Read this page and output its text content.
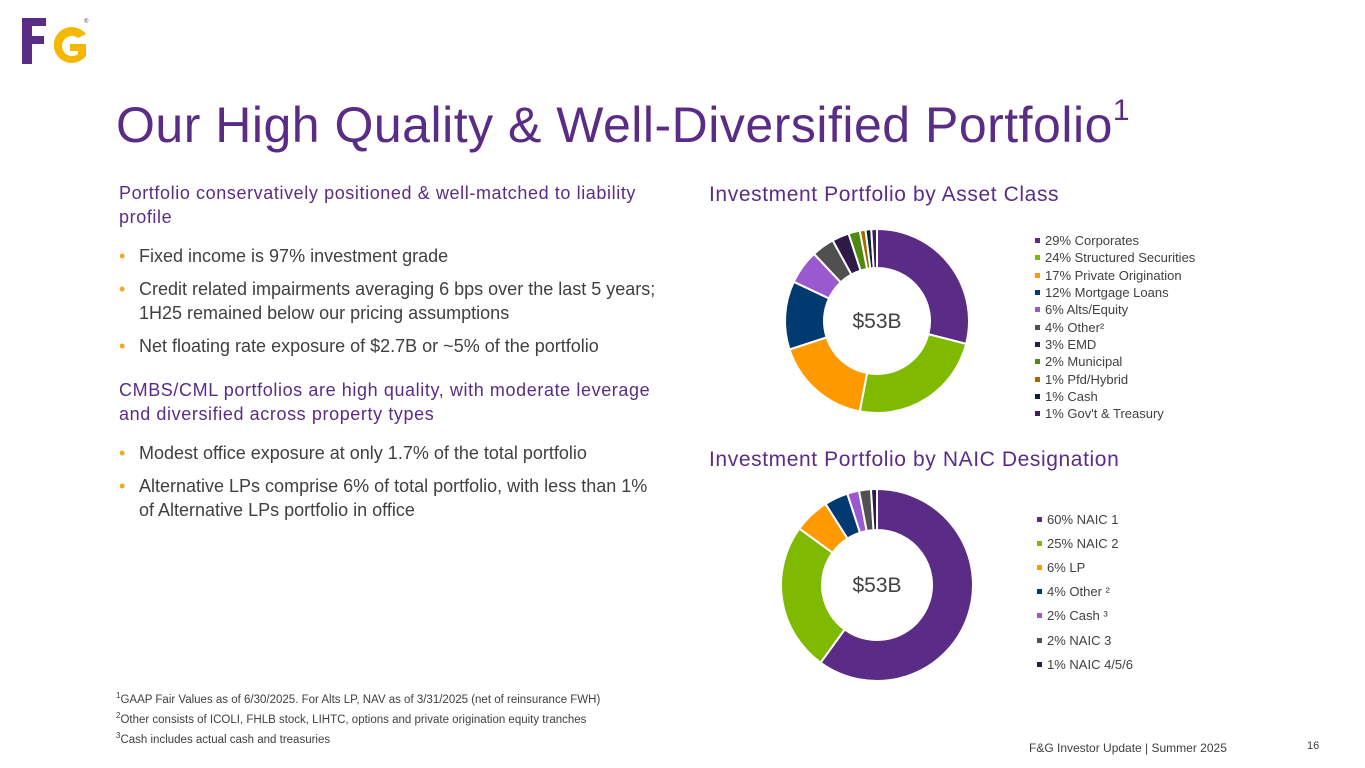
&
®
Our High Quality & Well-Diversified Portfolio$^1$
Portfolio conservatively positioned & well-matched to liability profile
• Fixed income is 97% investment grade
• Credit related impairments averaging 6 bps over the last 5 years; 1H25 remained below our pricing assumptions
• Net floating rate exposure of $2.7B or ~5% of the portfolio
CMBS/CML portfolios are high quality, with moderate leverage and diversified across property types
• Modest office exposure at only 1.7% of the total portfolio
• Alternative LPs comprise 6% of total portfolio, with less than 1% of Alternative LPs portfolio in office
Investment Portfolio by Asset Class
$53B
29% Corporates
24% Structured Securities
17% Private Origination
12% Mortgage Loans
6% Alts/Equity
4% Other²
3% EMD
2% Municipal
1% Pfd/Hybrid
1% Cash
1% Gov't & Treasury
Investment Portfolio by NAIC Designation
$53B
60% NAIC 1
25% NAIC 2
6% LP
4% Other ²
2% Cash ³
2% NAIC 3
1% NAIC 4/5/6
$^1$GAAP Fair Values as of 6/30/2025. For Alts LP, NAV as of 3/31/2025 (net of reinsurance FWH)
$^2$Other consists of ICOLI, FHLB stock, LIHTC, options and private origination equity tranches
$^3$Cash includes actual cash and treasuries
F&G Investor Update | Summer 2025	16
